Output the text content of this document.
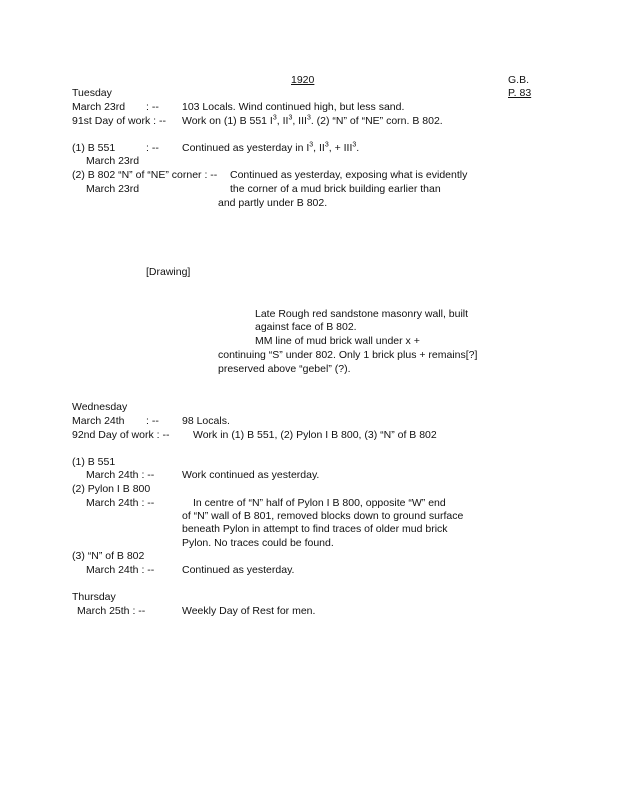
1920	G.B.
P. 83
Tuesday
March 23rd : -- 103 Locals. Wind continued high, but less sand.
91st Day of work : -- Work on (1) B 551 $I^3$, $II^3$, III$^3$. (2) “N” of “NE” corn. B 802.
(1) B 551	: -- Continued as yesterday in $I^3$, $II^3$, + $III^3$.
March 23rd
(2) B 802 “N” of “NE” corner : -- Continued as yesterday, exposing what is evidently
March 23rd	the corner of a mud brick building earlier than
and partly under B 802.
[Drawing]
Late Rough red sandstone masonry wall, built
against face of B 802.
MM line of mud brick wall under x +
continuing “S” under 802. Only 1 brick plus + remains[?]
preserved above “gebel” (?).
Wednesday
March 24th : -- 98 Locals.
92nd Day of work : -- Work in (1) B 551, (2) Pylon I B 800, (3) “N” of B 802
(1) B 551
March 24th : --	Work continued as yesterday.
(2) Pylon I B 800
March 24th : --	In centre of “N” half of Pylon I B 800, opposite “W” end
of “N” wall of B 801, removed blocks down to ground surface
beneath Pylon in attempt to find traces of older mud brick
Pylon. No traces could be found.
(3) “N” of B 802
March 24th : --	Continued as yesterday.
Thursday
March 25th : --	Weekly Day of Rest for men.
